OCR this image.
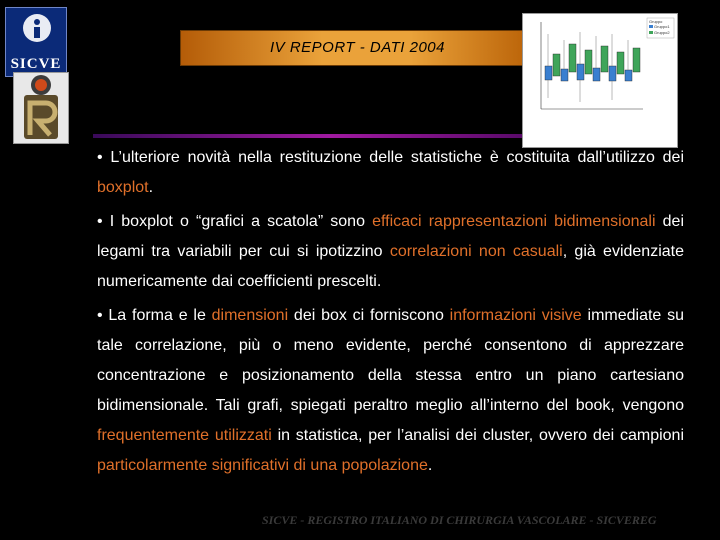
SICVE
IV REPORT - DATI 2004
Gruppo
Gruppo1
Gruppo2

• L’ulteriore novità nella restituzione delle statistiche è costituita dall’utilizzo dei boxplot.

• I boxplot o “grafici a scatola” sono efficaci rappresentazioni bidimensionali dei legami tra variabili per cui si ipotizzino correlazioni non casuali, già evidenziate numericamente dai coefficienti prescelti.

• La forma e le dimensioni dei box ci forniscono informazioni visive immediate su tale correlazione, più o meno evidente, perché consentono di apprezzare concentrazione e posizionamento della stessa entro un piano cartesiano bidimensionale. Tali grafi, spiegati peraltro meglio all’interno del book, vengono frequentemente utilizzati in statistica, per l’analisi dei cluster, ovvero dei campioni particolarmente significativi di una popolazione.

SICVE - REGISTRO ITALIANO DI CHIRURGIA VASCOLARE - SICVEREG
